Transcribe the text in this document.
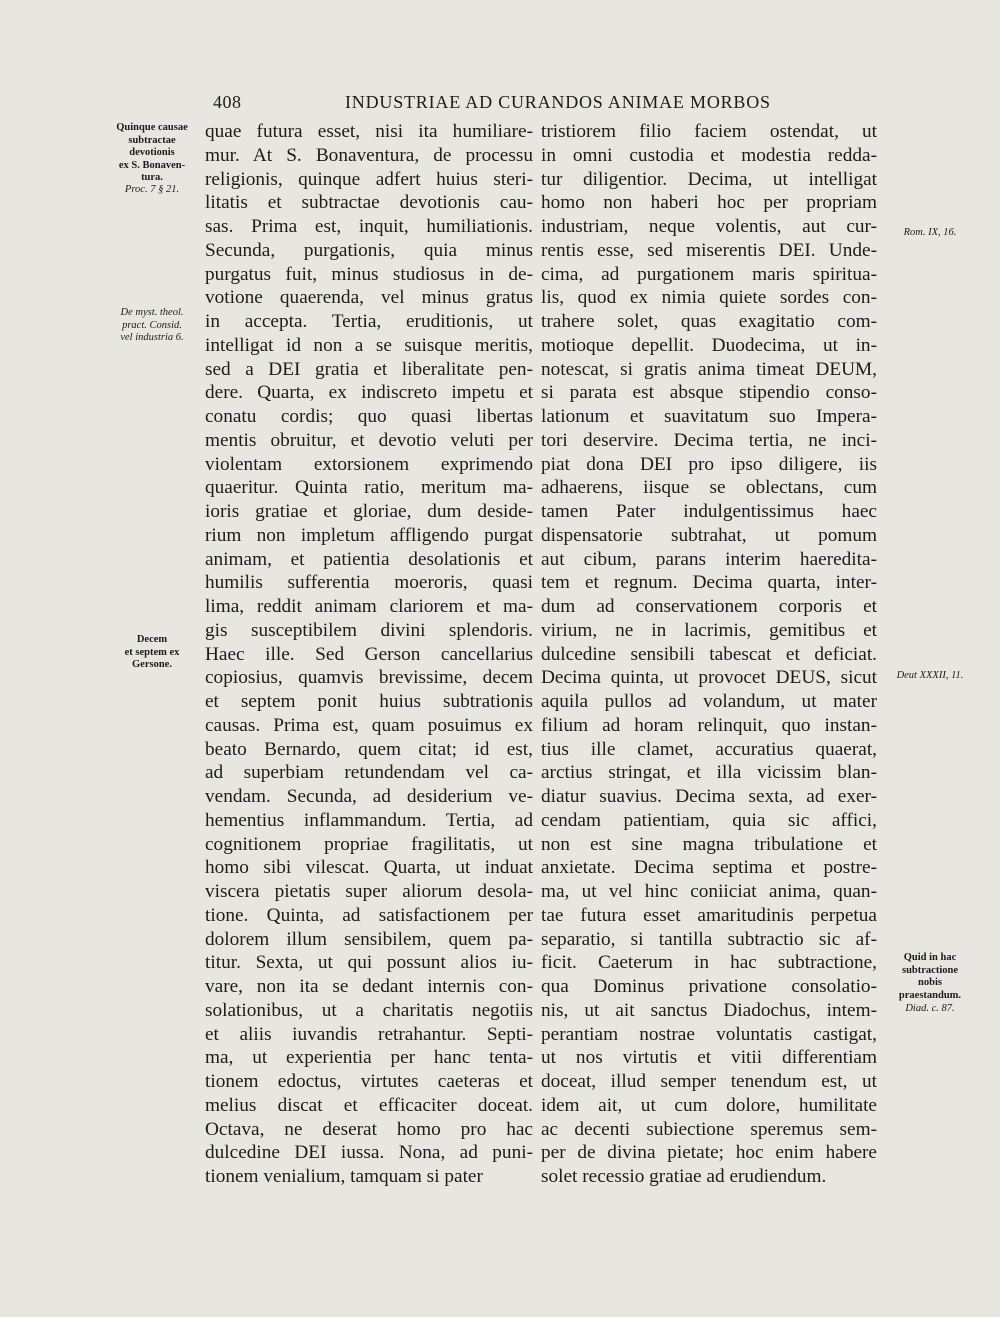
408	INDUSTRIAE AD CURANDOS ANIMAE MORBOS
Quinque causae
subtractae
devotionis
ex S. Bonaven-
tura.
Proc. 7 § 21.
De myst. theol.
pract. Consid.
vel industria 6.
Decem
et septem ex
Gersone.
Rom. IX, 16.
Deut XXXII, 11.
Quid in hac
subtractione
nobis
praestandum.
Diad. c. 87.
quae futura esset, nisi ita humiliare-
mur. At S. Bonaventura, de processu
religionis, quinque adfert huius steri-
litatis et subtractae devotionis cau-
sas. Prima est, inquit, humiliationis.
Secunda, purgationis, quia minus
purgatus fuit, minus studiosus in de-
votione quaerenda, vel minus gratus
in accepta. Tertia, eruditionis, ut
intelligat id non a se suisque meritis,
sed a DEI gratia et liberalitate pen-
dere. Quarta, ex indiscreto impetu et
conatu cordis; quo quasi libertas
mentis obruitur, et devotio veluti per
violentam extorsionem exprimendo
quaeritur. Quinta ratio, meritum ma-
ioris gratiae et gloriae, dum deside-
rium non impletum affligendo purgat
animam, et patientia desolationis et
humilis sufferentia moeroris, quasi
lima, reddit animam clariorem et ma-
gis susceptibilem divini splendoris.
Haec ille. Sed Gerson cancellarius
copiosius, quamvis brevissime, decem
et septem ponit huius subtrationis
causas. Prima est, quam posuimus ex
beato Bernardo, quem citat; id est,
ad superbiam retundendam vel ca-
vendam. Secunda, ad desiderium ve-
hementius inflammandum. Tertia, ad
cognitionem propriae fragilitatis, ut
homo sibi vilescat. Quarta, ut induat
viscera pietatis super aliorum desola-
tione. Quinta, ad satisfactionem per
dolorem illum sensibilem, quem pa-
titur. Sexta, ut qui possunt alios iu-
vare, non ita se dedant internis con-
solationibus, ut a charitatis negotiis
et aliis iuvandis retrahantur. Septi-
ma, ut experientia per hanc tenta-
tionem edoctus, virtutes caeteras et
melius discat et efficaciter doceat.
Octava, ne deserat homo pro hac
dulcedine DEI iussa. Nona, ad puni-
tionem venialium, tamquam si pater
tristiorem filio faciem ostendat, ut
in omni custodia et modestia redda-
tur diligentior. Decima, ut intelligat
homo non haberi hoc per propriam
industriam, neque volentis, aut cur-
rentis esse, sed miserentis DEI. Unde-
cima, ad purgationem maris spiritua-
lis, quod ex nimia quiete sordes con-
trahere solet, quas exagitatio com-
motioque depellit. Duodecima, ut in-
notescat, si gratis anima timeat DEUM,
si parata est absque stipendio conso-
lationum et suavitatum suo Impera-
tori deservire. Decima tertia, ne inci-
piat dona DEI pro ipso diligere, iis
adhaerens, iisque se oblectans, cum
tamen Pater indulgentissimus haec
dispensatorie subtrahat, ut pomum
aut cibum, parans interim haeredita-
tem et regnum. Decima quarta, inter-
dum ad conservationem corporis et
virium, ne in lacrimis, gemitibus et
dulcedine sensibili tabescat et deficiat.
Decima quinta, ut provocet DEUS, sicut
aquila pullos ad volandum, ut mater
filium ad horam relinquit, quo instan-
tius ille clamet, accuratius quaerat,
arctius stringat, et illa vicissim blan-
diatur suavius. Decima sexta, ad exer-
cendam patientiam, quia sic affici,
non est sine magna tribulatione et
anxietate. Decima septima et postre-
ma, ut vel hinc coniiciat anima, quan-
tae futura esset amaritudinis perpetua
separatio, si tantilla subtractio sic af-
ficit. Caeterum in hac subtractione,
qua Dominus privatione consolatio-
nis, ut ait sanctus Diadochus, intem-
perantiam nostrae voluntatis castigat,
ut nos virtutis et vitii differentiam
doceat, illud semper tenendum est, ut
idem ait, ut cum dolore, humilitate
ac decenti subiectione speremus sem-
per de divina pietate; hoc enim habere
solet recessio gratiae ad erudiendum.
